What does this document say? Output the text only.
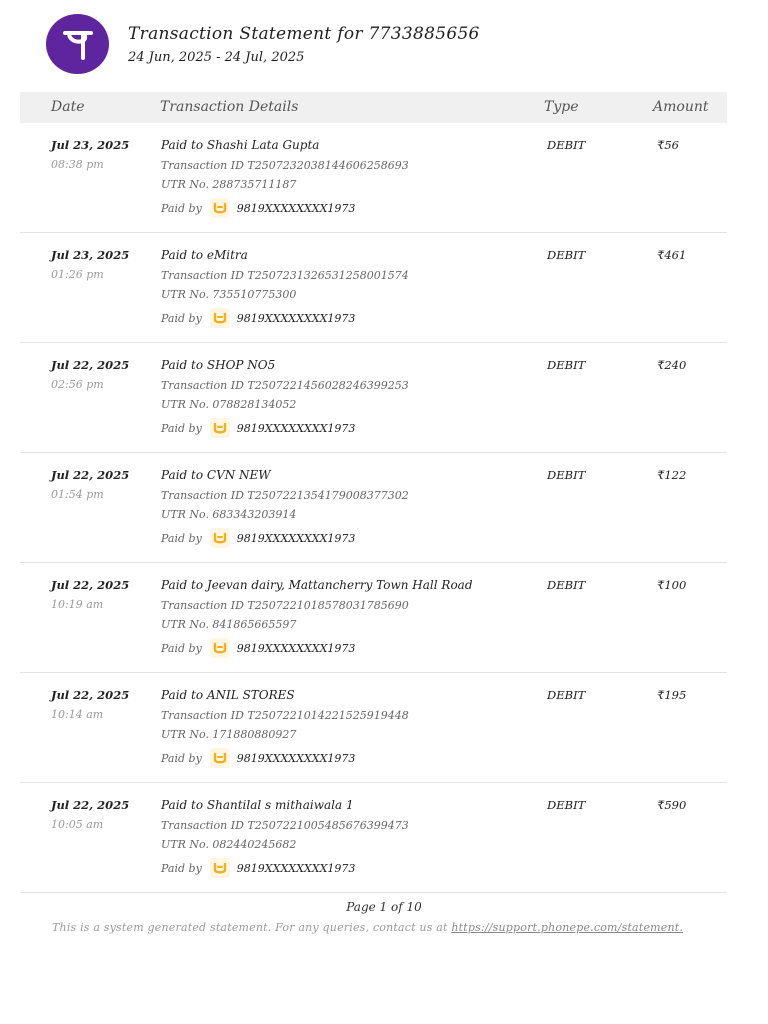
Transaction Statement for 7733885656
24 Jun, 2025 - 24 Jul, 2025
Date	Transaction Details	Type	Amount
Jul 23, 2025
08:38 pm
Paid to Shashi Lata Gupta
Transaction ID T2507232038144606258693
UTR No. 288735711187
Paid by	9819XXXXXXXX1973
DEBIT	₹56
Jul 23, 2025
01:26 pm
Paid to eMitra
Transaction ID T2507231326531258001574
UTR No. 735510775300
Paid by	9819XXXXXXXX1973
DEBIT	₹461
Jul 22, 2025
02:56 pm
Paid to SHOP NO5
Transaction ID T2507221456028246399253
UTR No. 078828134052
Paid by	9819XXXXXXXX1973
DEBIT	₹240
Jul 22, 2025
01:54 pm
Paid to CVN NEW
Transaction ID T2507221354179008377302
UTR No. 683343203914
Paid by	9819XXXXXXXX1973
DEBIT	₹122
Jul 22, 2025
10:19 am
Paid to Jeevan dairy, Mattancherry Town Hall Road
Transaction ID T2507221018578031785690
UTR No. 841865665597
Paid by	9819XXXXXXXX1973
DEBIT	₹100
Jul 22, 2025
10:14 am
Paid to ANIL STORES
Transaction ID T2507221014221525919448
UTR No. 171880880927
Paid by	9819XXXXXXXX1973
DEBIT	₹195
Jul 22, 2025
10:05 am
Paid to Shantilal s mithaiwala 1
Transaction ID T2507221005485676399473
UTR No. 082440245682
Paid by	9819XXXXXXXX1973
DEBIT	₹590
Page 1 of 10
This is a system generated statement. For any queries, contact us at https://support.phonepe.com/statement.
